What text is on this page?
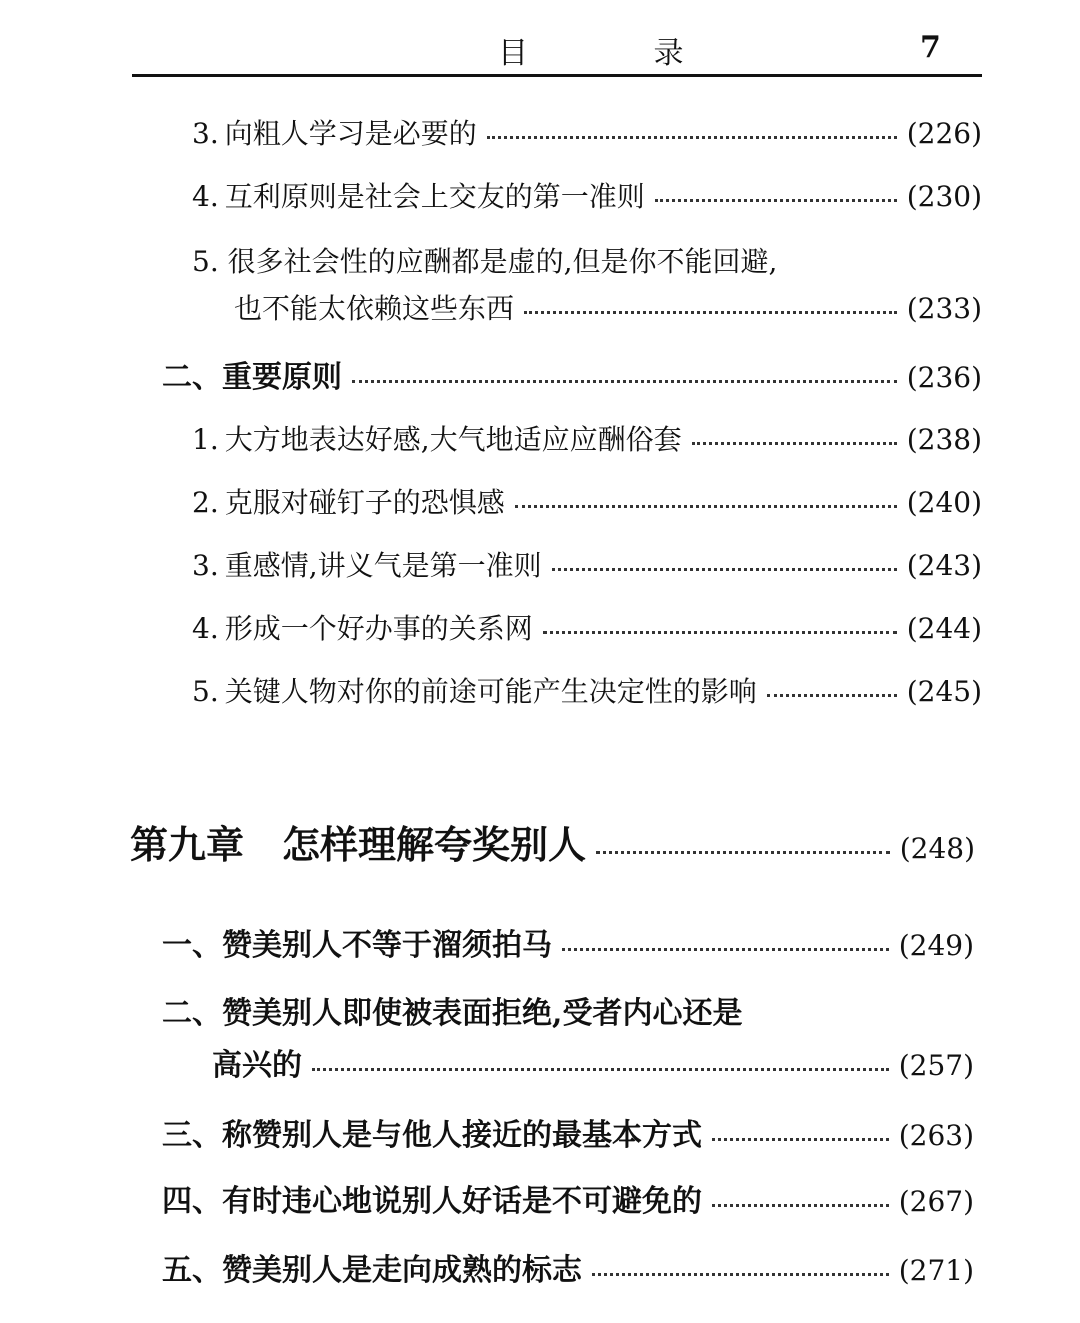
目 录	7
3. 向粗人学习是必要的	(226)
4. 互利原则是社会上交友的第一准则	(230)
5. 很多社会性的应酬都是虚的,但是你不能回避,
也不能太依赖这些东西	(233)
二、重要原则	(236)
1. 大方地表达好感,大气地适应应酬俗套	(238)
2. 克服对碰钉子的恐惧感	(240)
3. 重感情,讲义气是第一准则	(243)
4. 形成一个好办事的关系网	(244)
5. 关键人物对你的前途可能产生决定性的影响	(245)
第九章　怎样理解夸奖别人	(248)
一、赞美别人不等于溜须拍马	(249)
二、赞美别人即使被表面拒绝,受者内心还是
高兴的	(257)
三、称赞别人是与他人接近的最基本方式	(263)
四、有时违心地说别人好话是不可避免的	(267)
五、赞美别人是走向成熟的标志	(271)
